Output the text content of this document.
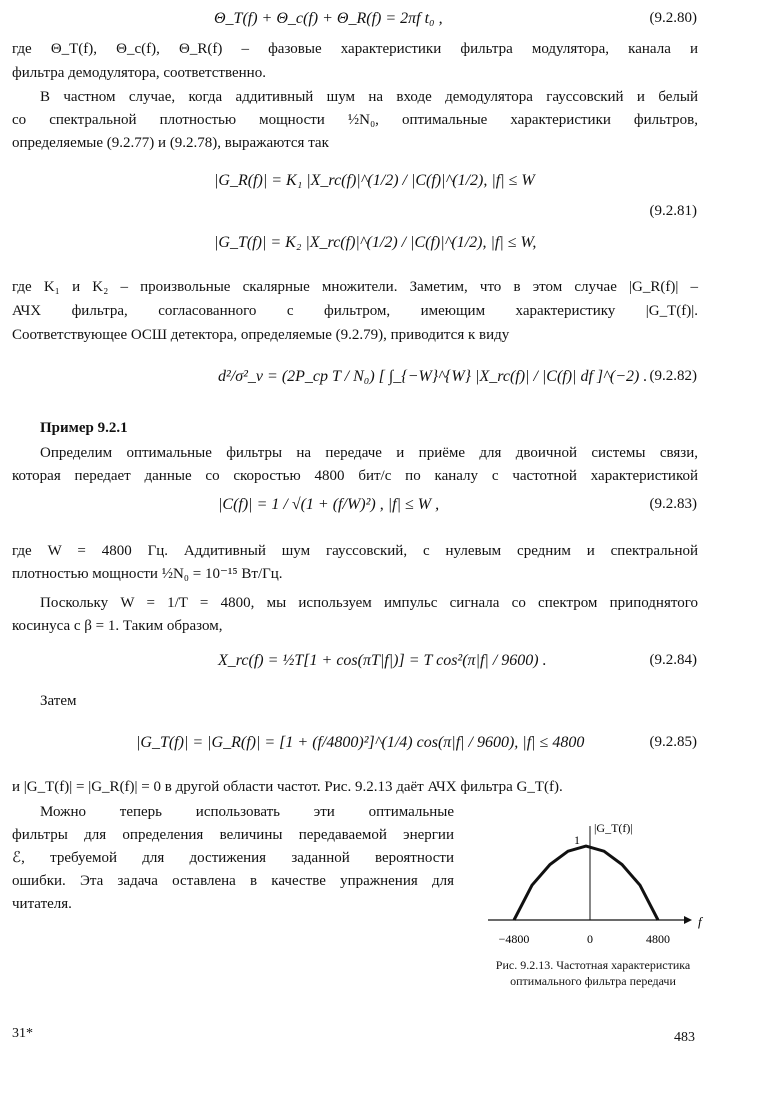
Θ_T(f) + Θ_c(f) + Θ_R(f) = 2πf t₀ ,	(9.2.80)
где Θ_T(f), Θ_c(f), Θ_R(f) – фазовые характеристики фильтра модулятора, канала и
фильтра демодулятора, соответственно.
В частном случае, когда аддитивный шум на входе демодулятора гауссовский и белый
со спектральной плотностью мощности ½N₀, оптимальные характеристики фильтров,
определяемые (9.2.77) и (9.2.78), выражаются так
|G_R(f)| = K₁ |X_rc(f)|^(1/2) / |C(f)|^(1/2), |f| ≤ W
|G_T(f)| = K₂ |X_rc(f)|^(1/2) / |C(f)|^(1/2), |f| ≤ W,
(9.2.81)
где K₁ и K₂ – произвольные скалярные множители. Заметим, что в этом случае |G_R(f)| –
АЧХ фильтра, согласованного с фильтром, имеющим характеристику |G_T(f)|.
Соответствующее ОСШ детектора, определяемые (9.2.79), приводится к виду
d²/σ²_ν = (2P_ср T / N₀) [ ∫_{−W}^{W} |X_rc(f)| / |C(f)| df ]^(−2) . (9.2.82)
Пример 9.2.1
Определим оптимальные фильтры на передаче и приёме для двоичной системы связи,
которая передает данные со скоростью 4800 бит/с по каналу с частотной характеристикой
|C(f)| = 1 / √(1 + (f/W)²) , |f| ≤ W ,	(9.2.83)
где W = 4800 Гц. Аддитивный шум гауссовский, с нулевым средним и спектральной
плотностью мощности ½N₀ = 10⁻¹⁵ Вт/Гц.
Поскольку W = 1/T = 4800, мы используем импульс сигнала со спектром приподнятого
косинуса с β = 1. Таким образом,
X_rc(f) = ½T[1 + cos(πT|f|)] = T cos²(π|f| / 9600) .	(9.2.84)
Затем
|G_T(f)| = |G_R(f)| = [1 + (f/4800)²]^(1/4) cos(π|f| / 9600), |f| ≤ 4800	(9.2.85)
и |G_T(f)| = |G_R(f)| = 0 в другой области частот. Рис. 9.2.13 даёт АЧХ фильтра G_T(f).
Можно теперь использовать эти оптимальные
фильтры для определения величины передаваемой энергии
ℰ, требуемой для достижения заданной вероятности
ошибки. Эта задача оставлена в качестве упражнения для
читателя.
|G_T(f)|
1
f
−4800	0	4800
Рис. 9.2.13. Частотная характеристика
оптимального фильтра передачи
31*	483
